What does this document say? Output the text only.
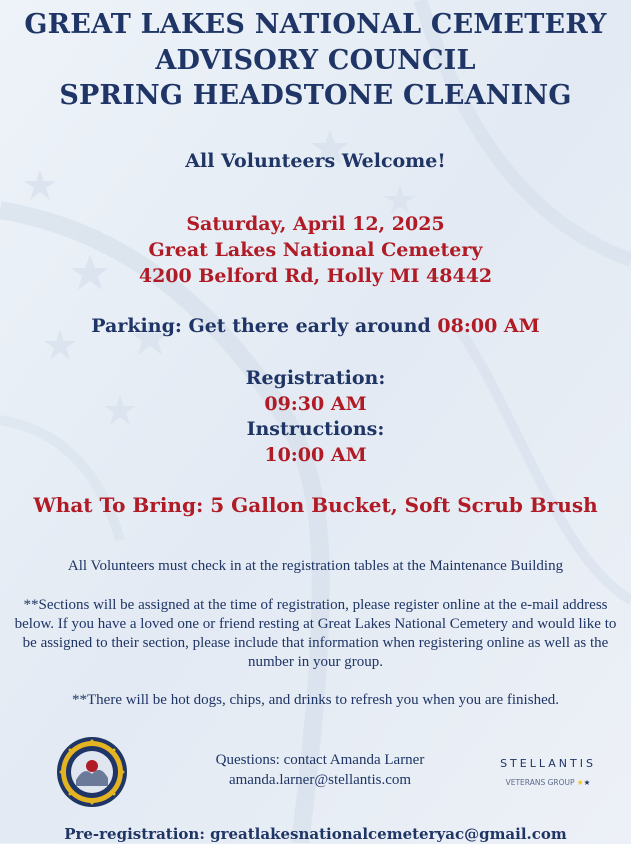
GREAT LAKES NATIONAL CEMETERY
ADVISORY COUNCIL
SPRING HEADSTONE CLEANING
All Volunteers Welcome!
Saturday, April 12, 2025
Great Lakes National Cemetery
4200 Belford Rd, Holly MI 48442
Parking: Get there early around 08:00 AM
Registration:
09:30 AM
Instructions:
10:00 AM
What To Bring: 5 Gallon Bucket, Soft Scrub Brush
All Volunteers must check in at the registration tables at the Maintenance Building
**Sections will be assigned at the time of registration, please register online at the e-mail address below. If you have a loved one or friend resting at Great Lakes National Cemetery and would like to be assigned to their section, please include that information when registering online as well as the number in your group.
**There will be hot dogs, chips, and drinks to refresh you when you are finished.
Questions: contact Amanda Larner
amanda.larner@stellantis.com
STELLANTIS
VETERANS GROUP ★★
Pre-registration: greatlakesnationalcemeteryac@gmail.com
